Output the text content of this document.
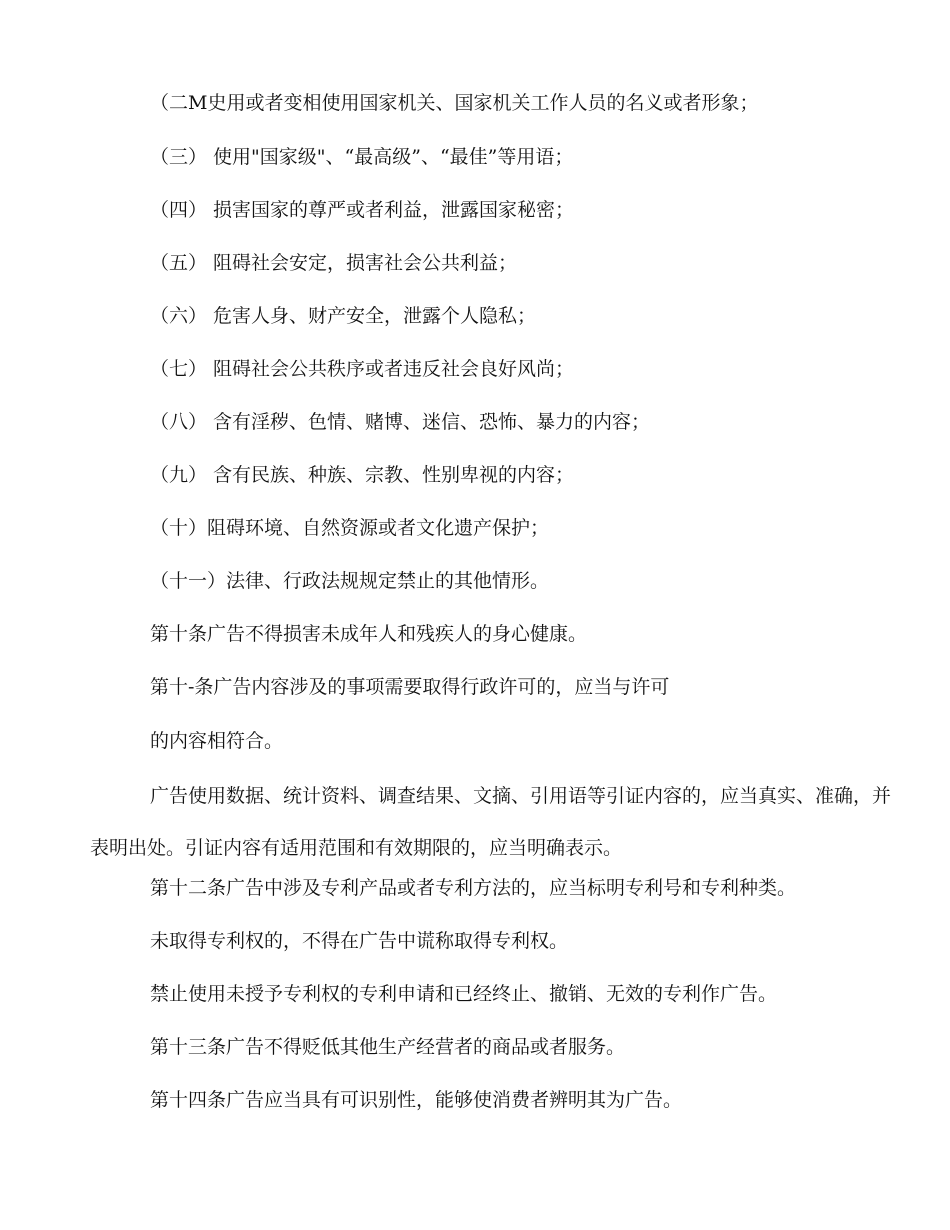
（二M史用或者变相使用国家机关、国家机关工作人员的名义或者形象；
（三） 使用"国家级"、“最高级”、“最佳”等用语；
（四） 损害国家的尊严或者利益，泄露国家秘密；
（五） 阻碍社会安定，损害社会公共利益；
（六） 危害人身、财产安全，泄露个人隐私；
（七） 阻碍社会公共秩序或者违反社会良好风尚；
（八） 含有淫秽、色情、赌博、迷信、恐怖、暴力的内容；
（九） 含有民族、种族、宗教、性别卑视的内容；
（十）阻碍环境、自然资源或者文化遗产保护；
（十一）法律、行政法规规定禁止的其他情形。
第十条广告不得损害未成年人和残疾人的身心健康。
第十-条广告内容涉及的事项需要取得行政许可的，应当与许可
的内容相符合。
广告使用数据、统计资料、调查结果、文摘、引用语等引证内容的，应当真实、准确，并表明出处。引证内容有适用范围和有效期限的，应当明确表示。
第十二条广告中涉及专利产品或者专利方法的，应当标明专利号和专利种类。
未取得专利权的，不得在广告中谎称取得专利权。
禁止使用未授予专利权的专利申请和已经终止、撤销、无效的专利作广告。
第十三条广告不得贬低其他生产经营者的商品或者服务。
第十四条广告应当具有可识别性，能够使消费者辨明其为广告。
